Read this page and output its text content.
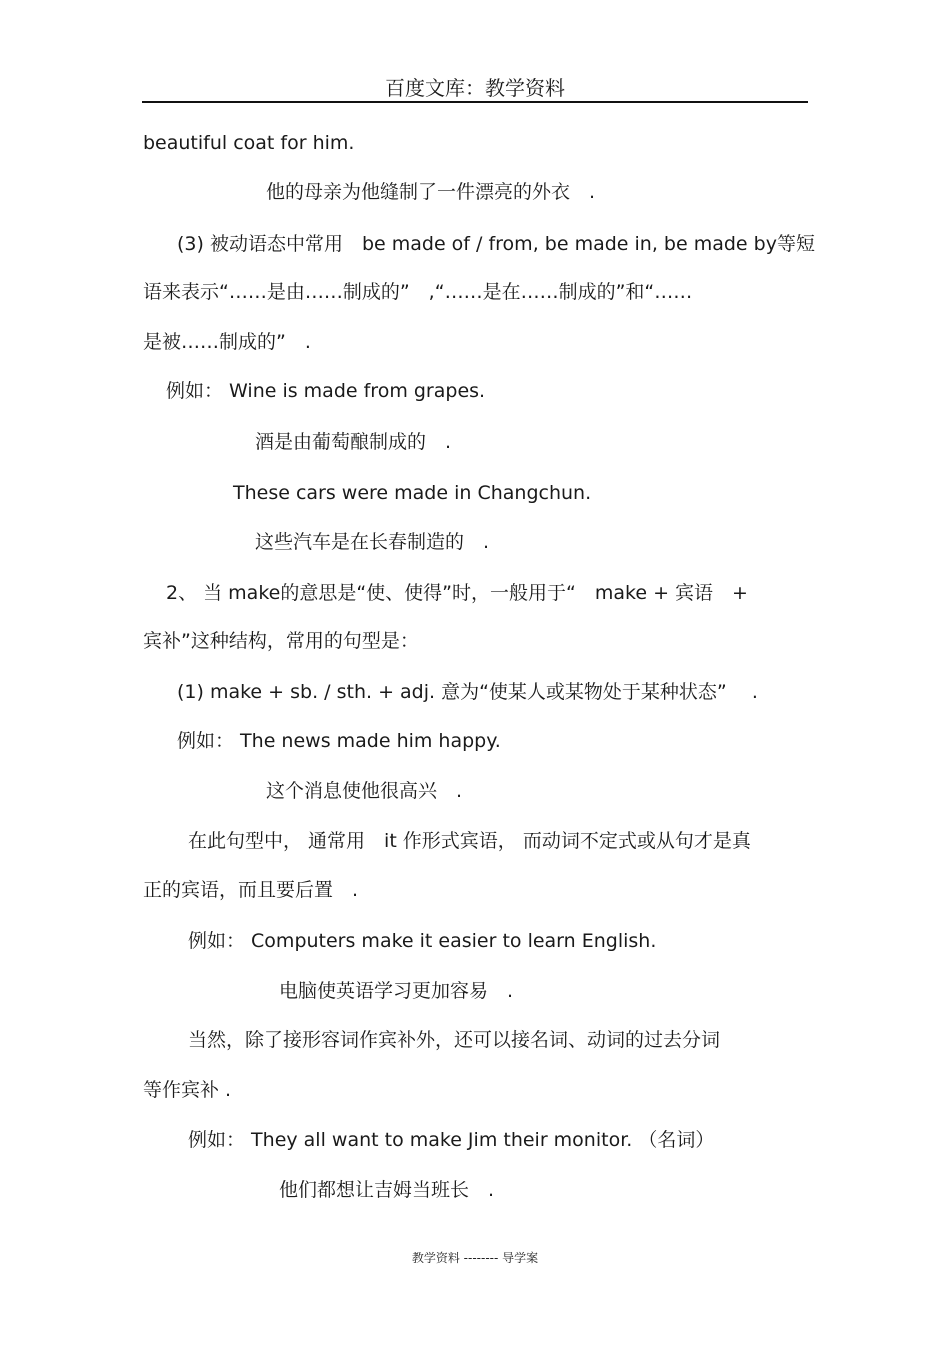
百度文库：教学资料
beautiful coat for him.
他的母亲为他缝制了一件漂亮的外衣　.
(3) 被动语态中常用　be made of / from, be made in, be made by等短
语来表示“……是由……制成的”　,“……是在……制成的”和“……
是被……制成的”　.
例如： Wine is made from grapes.
酒是由葡萄酿制成的　.
These cars were made in Changchun.
这些汽车是在长春制造的　.
2、 当 make的意思是“使、使得”时，一般用于“　make + 宾语　+
宾补”这种结构，常用的句型是：
(1) make + sb. / sth. + adj. 意为“使某人或某物处于某种状态”　 .
例如： The news made him happy.
这个消息使他很高兴　.
在此句型中， 通常用　it 作形式宾语， 而动词不定式或从句才是真
正的宾语，而且要后置　.
例如： Computers make it easier to learn English.
电脑使英语学习更加容易　.
当然，除了接形容词作宾补外，还可以接名词、动词的过去分词
等作宾补 .
例如： They all want to make Jim their monitor. （名词）
他们都想让吉姆当班长　.
教学资料 -------- 导学案
